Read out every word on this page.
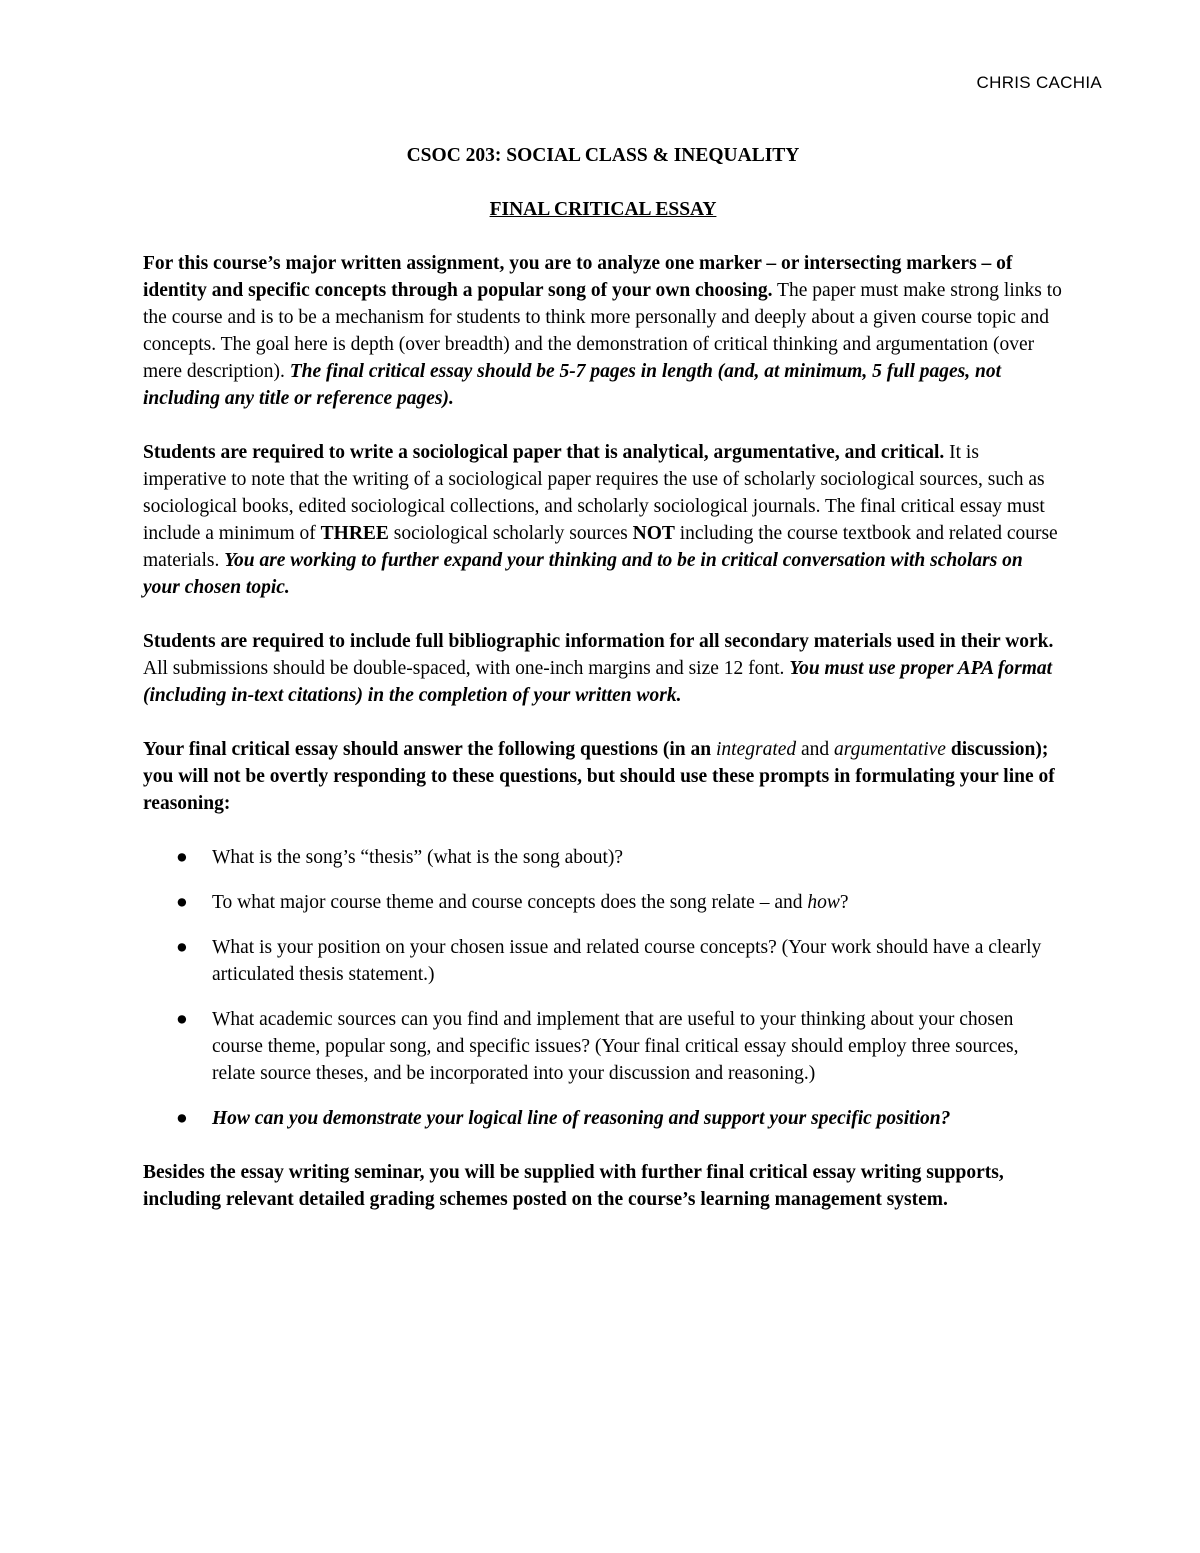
CHRIS CACHIA
CSOC 203: SOCIAL CLASS & INEQUALITY
FINAL CRITICAL ESSAY

For this course’s major written assignment, you are to analyze one marker – or intersecting markers – of identity and specific concepts through a popular song of your own choosing. The paper must make strong links to the course and is to be a mechanism for students to think more personally and deeply about a given course topic and concepts. The goal here is depth (over breadth) and the demonstration of critical thinking and argumentation (over mere description). The final critical essay should be 5-7 pages in length (and, at minimum, 5 full pages, not including any title or reference pages).

Students are required to write a sociological paper that is analytical, argumentative, and critical. It is imperative to note that the writing of a sociological paper requires the use of scholarly sociological sources, such as sociological books, edited sociological collections, and scholarly sociological journals. The final critical essay must include a minimum of THREE sociological scholarly sources NOT including the course textbook and related course materials. You are working to further expand your thinking and to be in critical conversation with scholars on your chosen topic.

Students are required to include full bibliographic information for all secondary materials used in their work. All submissions should be double-spaced, with one-inch margins and size 12 font. You must use proper APA format (including in-text citations) in the completion of your written work.

Your final critical essay should answer the following questions (in an integrated and argumentative discussion); you will not be overtly responding to these questions, but should use these prompts in formulating your line of reasoning:

● What is the song’s “thesis” (what is the song about)?
● To what major course theme and course concepts does the song relate – and how?
● What is your position on your chosen issue and related course concepts? (Your work should have a clearly articulated thesis statement.)
● What academic sources can you find and implement that are useful to your thinking about your chosen course theme, popular song, and specific issues? (Your final critical essay should employ three sources, relate source theses, and be incorporated into your discussion and reasoning.)
● How can you demonstrate your logical line of reasoning and support your specific position?

Besides the essay writing seminar, you will be supplied with further final critical essay writing supports, including relevant detailed grading schemes posted on the course’s learning management system.
